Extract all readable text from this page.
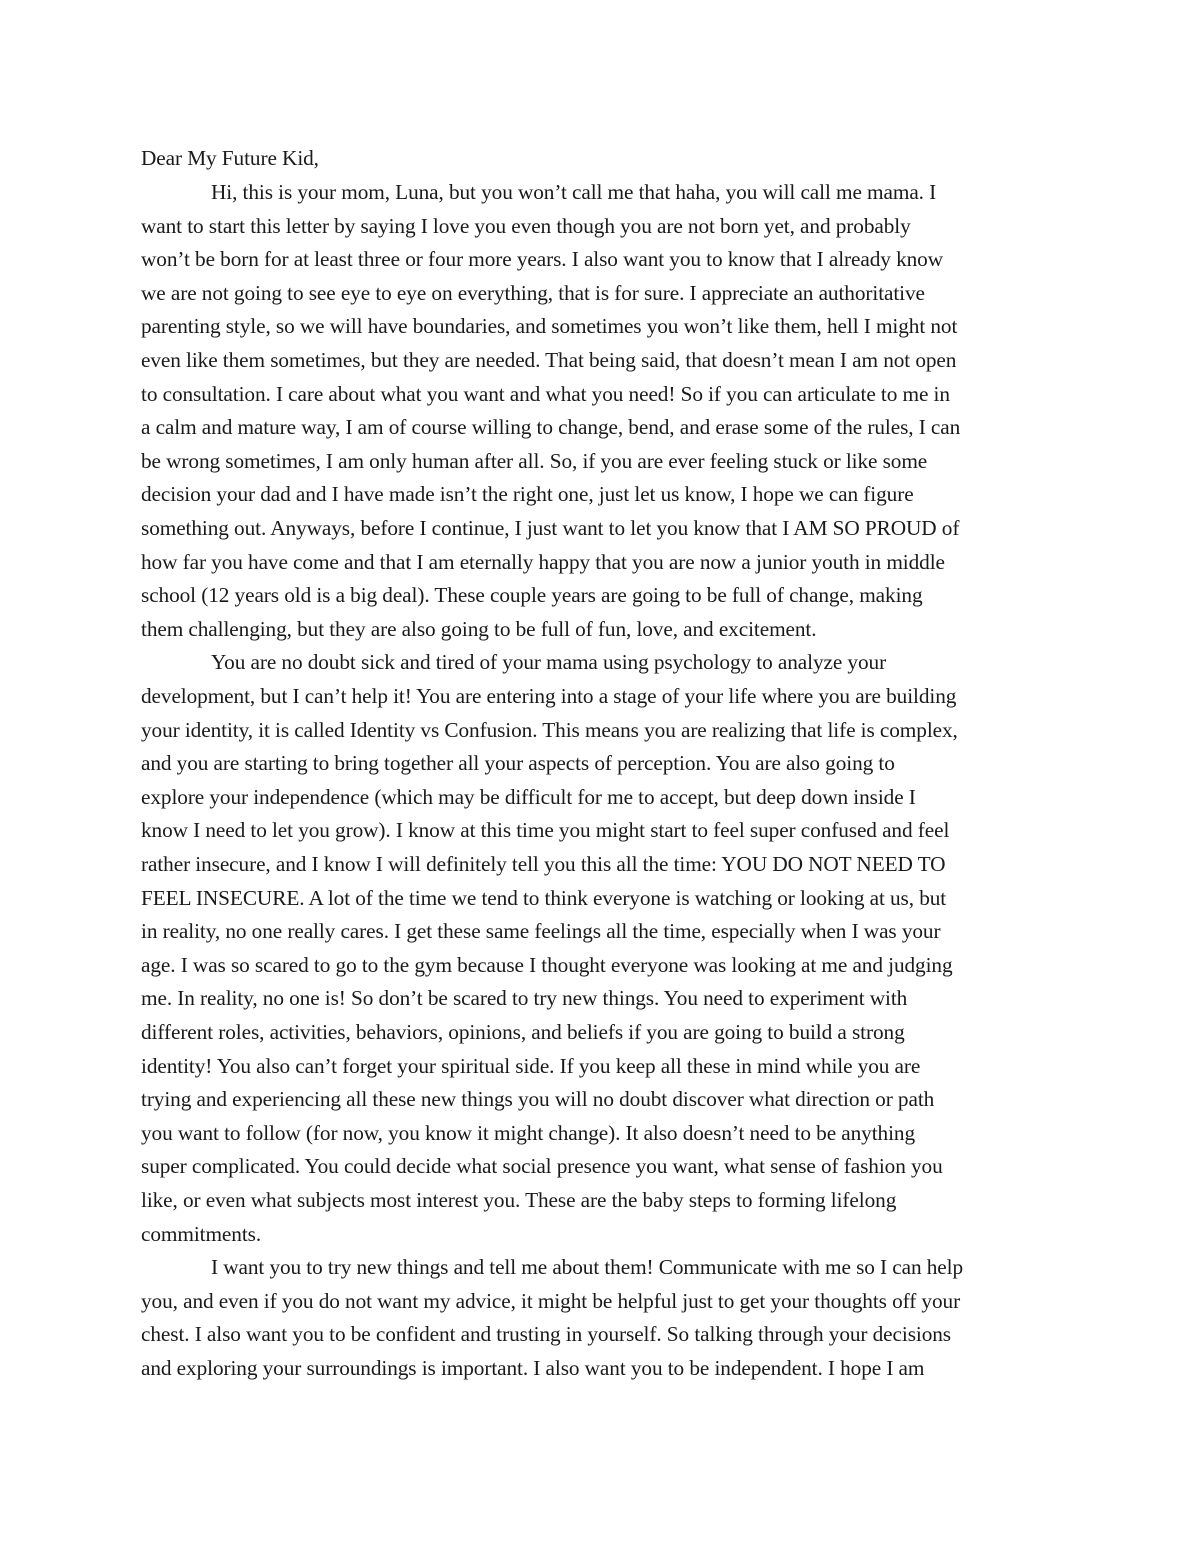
Dear My Future Kid,
Hi, this is your mom, Luna, but you won’t call me that haha, you will call me mama. I
want to start this letter by saying I love you even though you are not born yet, and probably
won’t be born for at least three or four more years. I also want you to know that I already know
we are not going to see eye to eye on everything, that is for sure. I appreciate an authoritative
parenting style, so we will have boundaries, and sometimes you won’t like them, hell I might not
even like them sometimes, but they are needed. That being said, that doesn’t mean I am not open
to consultation. I care about what you want and what you need! So if you can articulate to me in
a calm and mature way, I am of course willing to change, bend, and erase some of the rules, I can
be wrong sometimes, I am only human after all. So, if you are ever feeling stuck or like some
decision your dad and I have made isn’t the right one, just let us know, I hope we can figure
something out. Anyways, before I continue, I just want to let you know that I AM SO PROUD of
how far you have come and that I am eternally happy that you are now a junior youth in middle
school (12 years old is a big deal). These couple years are going to be full of change, making
them challenging, but they are also going to be full of fun, love, and excitement.
You are no doubt sick and tired of your mama using psychology to analyze your
development, but I can’t help it! You are entering into a stage of your life where you are building
your identity, it is called Identity vs Confusion. This means you are realizing that life is complex,
and you are starting to bring together all your aspects of perception. You are also going to
explore your independence (which may be difficult for me to accept, but deep down inside I
know I need to let you grow). I know at this time you might start to feel super confused and feel
rather insecure, and I know I will definitely tell you this all the time: YOU DO NOT NEED TO
FEEL INSECURE. A lot of the time we tend to think everyone is watching or looking at us, but
in reality, no one really cares. I get these same feelings all the time, especially when I was your
age. I was so scared to go to the gym because I thought everyone was looking at me and judging
me. In reality, no one is! So don’t be scared to try new things. You need to experiment with
different roles, activities, behaviors, opinions, and beliefs if you are going to build a strong
identity! You also can’t forget your spiritual side. If you keep all these in mind while you are
trying and experiencing all these new things you will no doubt discover what direction or path
you want to follow (for now, you know it might change). It also doesn’t need to be anything
super complicated. You could decide what social presence you want, what sense of fashion you
like, or even what subjects most interest you. These are the baby steps to forming lifelong
commitments.
I want you to try new things and tell me about them! Communicate with me so I can help
you, and even if you do not want my advice, it might be helpful just to get your thoughts off your
chest. I also want you to be confident and trusting in yourself. So talking through your decisions
and exploring your surroundings is important. I also want you to be independent. I hope I am
